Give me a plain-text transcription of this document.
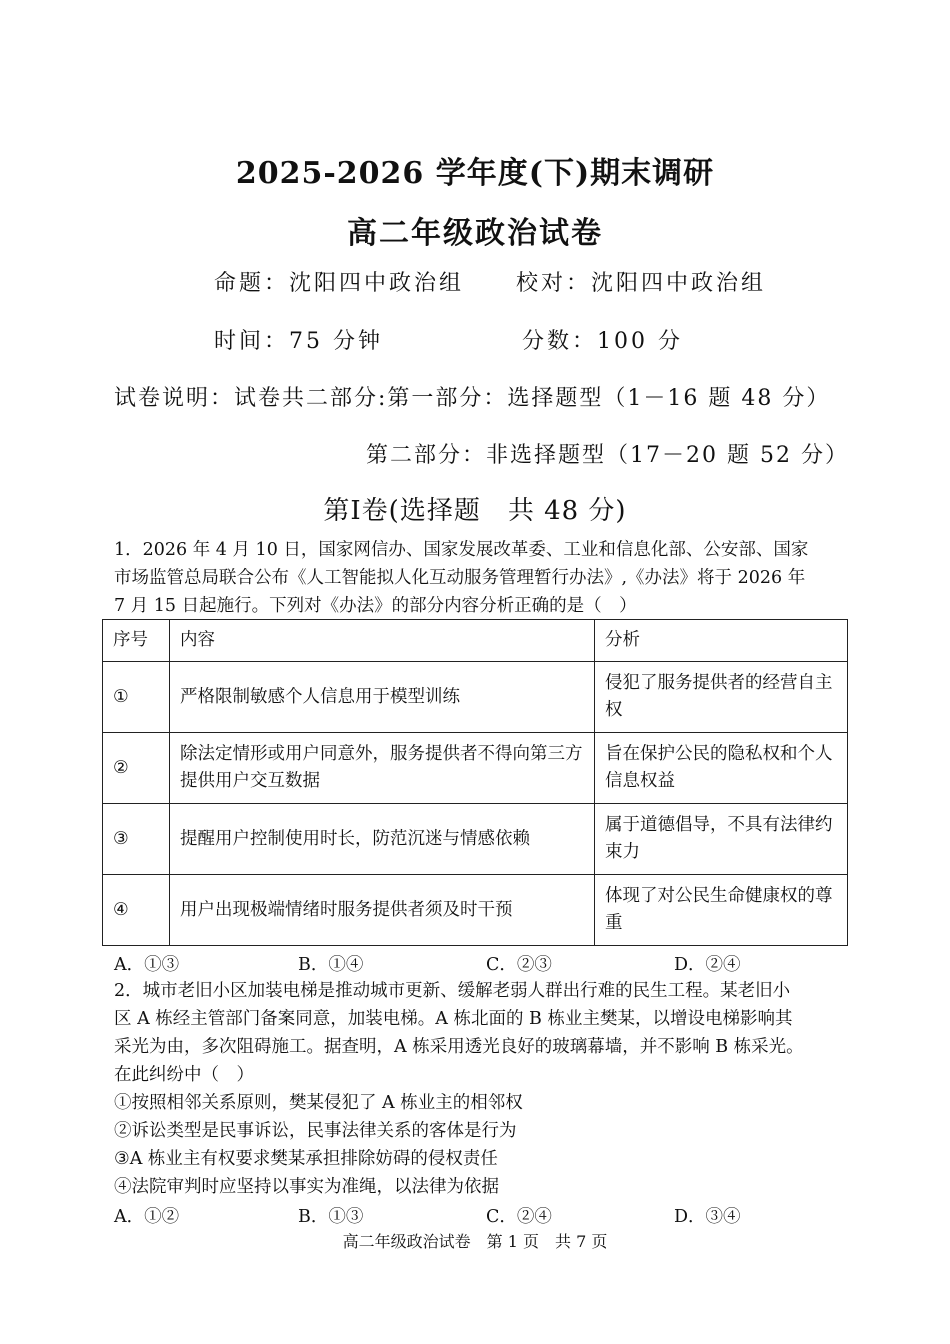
2025-2026 学年度(下)期末调研
高二年级政治试卷
命题：沈阳四中政治组 校对：沈阳四中政治组
时间：75 分钟	分数：100 分
试卷说明：试卷共二部分:第一部分：选择题型（1－16 题 48 分）
第二部分：非选择题型（17－20 题 52 分）
第Ⅰ卷(选择题　共 48 分)
1．2026 年 4 月 10 日，国家网信办、国家发展改革委、工业和信息化部、公安部、国家
市场监管总局联合公布《人工智能拟人化互动服务管理暂行办法》,《办法》将于 2026 年
7 月 15 日起施行。下列对《办法》的部分内容分析正确的是（　）
序号	内容	分析
①	严格限制敏感个人信息用于模型训练	侵犯了服务提供者的经营自主权
②	除法定情形或用户同意外，服务提供者不得向第三方提供用户交互数据	旨在保护公民的隐私权和个人信息权益
③	提醒用户控制使用时长，防范沉迷与情感依赖	属于道德倡导，不具有法律约束力
④	用户出现极端情绪时服务提供者须及时干预	体现了对公民生命健康权的尊重
A．①③	B．①④	C．②③	D．②④
2．城市老旧小区加装电梯是推动城市更新、缓解老弱人群出行难的民生工程。某老旧小
区 A 栋经主管部门备案同意，加装电梯。A 栋北面的 B 栋业主樊某，以增设电梯影响其
采光为由，多次阻碍施工。据查明，A 栋采用透光良好的玻璃幕墙，并不影响 B 栋采光。
在此纠纷中（　）
①按照相邻关系原则，樊某侵犯了 A 栋业主的相邻权
②诉讼类型是民事诉讼，民事法律关系的客体是行为
③A 栋业主有权要求樊某承担排除妨碍的侵权责任
④法院审判时应坚持以事实为准绳，以法律为依据
A．①②	B．①③	C．②④	D．③④
高二年级政治试卷　第 1 页　共 7 页
